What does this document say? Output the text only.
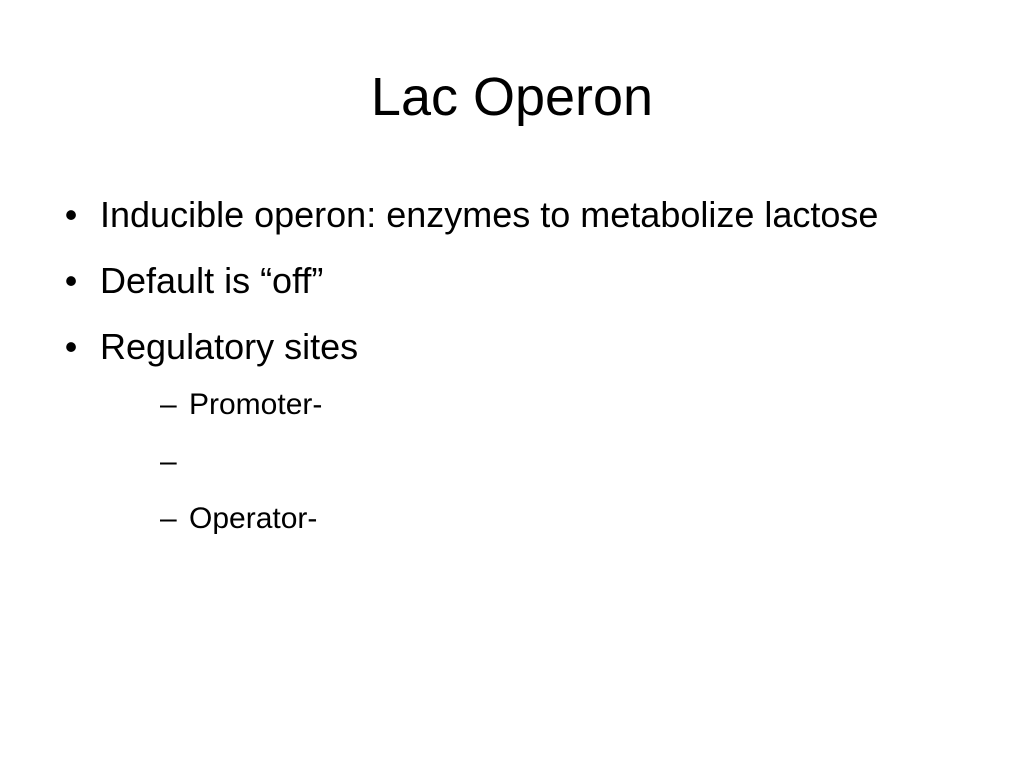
Lac Operon
• Inducible operon: enzymes to metabolize lactose
• Default is “off”
• Regulatory sites
– Promoter-
–
– Operator-
